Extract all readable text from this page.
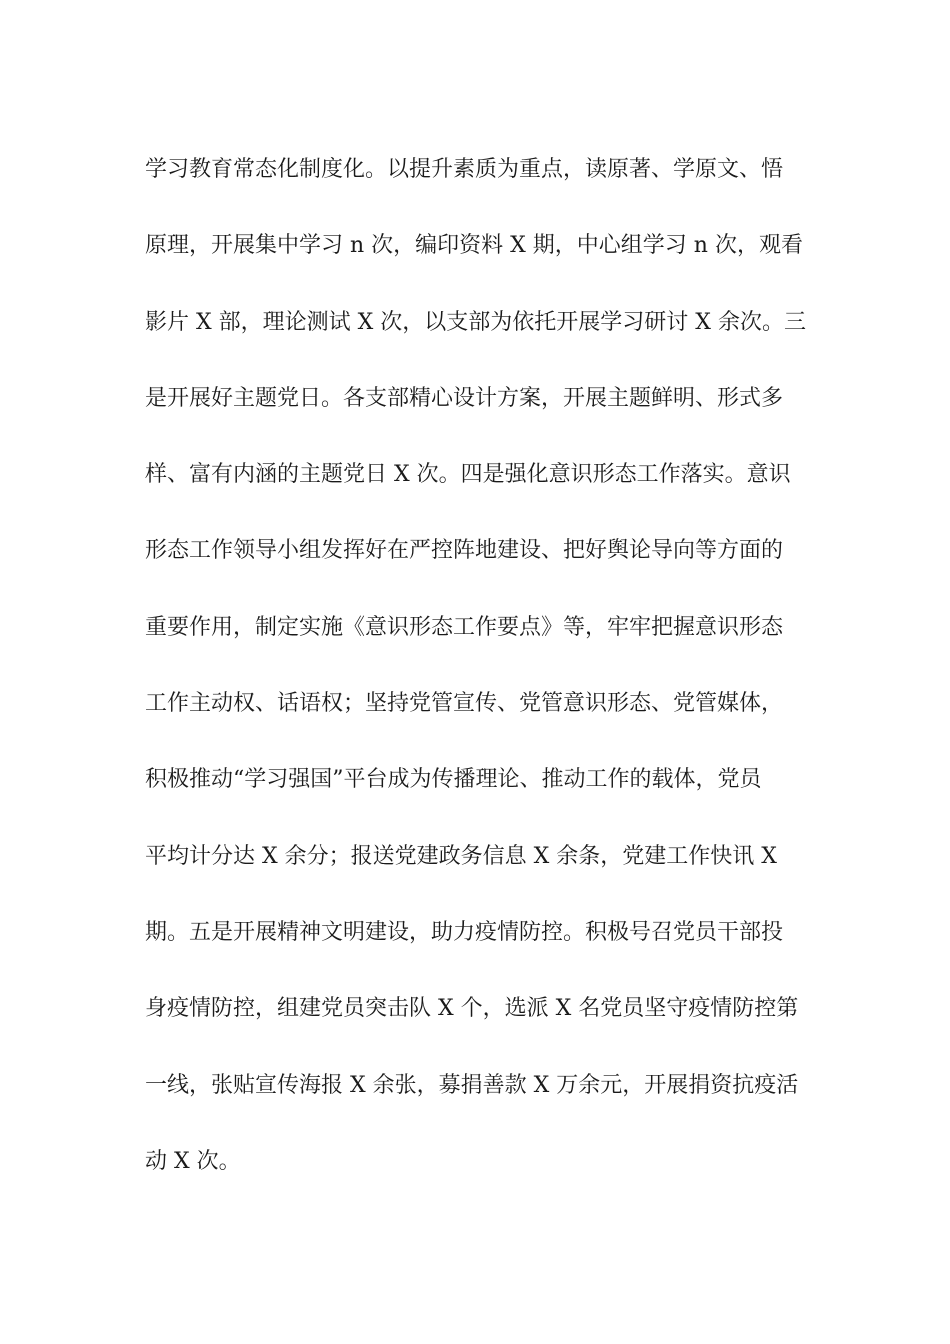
学习教育常态化制度化。以提升素质为重点，读原著、学原文、悟
原理，开展集中学习 n 次，编印资料 X 期，中心组学习 n 次，观看
影片 X 部，理论测试 X 次，以支部为依托开展学习研讨 X 余次。三
是开展好主题党日。各支部精心设计方案，开展主题鲜明、形式多
样、富有内涵的主题党日 X 次。四是强化意识形态工作落实。意识
形态工作领导小组发挥好在严控阵地建设、把好舆论导向等方面的
重要作用，制定实施《意识形态工作要点》等，牢牢把握意识形态
工作主动权、话语权；坚持党管宣传、党管意识形态、党管媒体，
积极推动“学习强国”平台成为传播理论、推动工作的载体，党员
平均计分达 X 余分；报送党建政务信息 X 余条，党建工作快讯 X
期。五是开展精神文明建设，助力疫情防控。积极号召党员干部投
身疫情防控，组建党员突击队 X 个，选派 X 名党员坚守疫情防控第
一线，张贴宣传海报 X 余张，募捐善款 X 万余元，开展捐资抗疫活
动 X 次。
